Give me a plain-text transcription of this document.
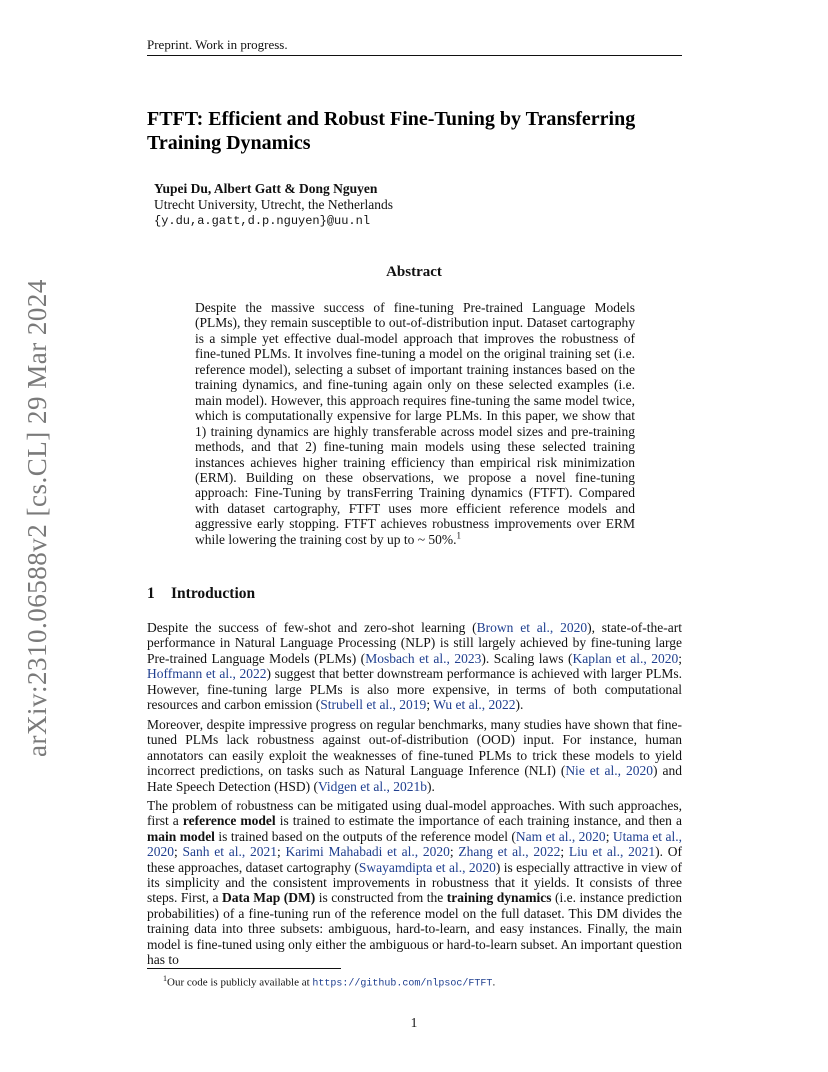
Preprint. Work in progress.
FTFT: Efficient and Robust Fine-Tuning by Transferring Training Dynamics
Yupei Du, Albert Gatt & Dong Nguyen
Utrecht University, Utrecht, the Netherlands
{y.du,a.gatt,d.p.nguyen}@uu.nl
Abstract
Despite the massive success of fine-tuning Pre-trained Language Models (PLMs), they remain susceptible to out-of-distribution input. Dataset cartography is a simple yet effective dual-model approach that improves the robustness of fine-tuned PLMs. It involves fine-tuning a model on the original training set (i.e. reference model), selecting a subset of important training instances based on the training dynamics, and fine-tuning again only on these selected examples (i.e. main model). However, this approach requires fine-tuning the same model twice, which is computationally expensive for large PLMs. In this paper, we show that 1) training dynamics are highly transferable across model sizes and pre-training methods, and that 2) fine-tuning main models using these selected training instances achieves higher training efficiency than empirical risk minimization (ERM). Building on these observations, we propose a novel fine-tuning approach: Fine-Tuning by transFerring Training dynamics (FTFT). Compared with dataset cartography, FTFT uses more efficient reference models and aggressive early stopping. FTFT achieves robustness improvements over ERM while lowering the training cost by up to ~ 50%.$^1$
arXiv:2310.06588v2 [cs.CL] 29 Mar 2024	1 Introduction
Despite the success of few-shot and zero-shot learning (Brown et al., 2020), state-of-the-art performance in Natural Language Processing (NLP) is still largely achieved by fine-tuning large Pre-trained Language Models (PLMs) (Mosbach et al., 2023). Scaling laws (Kaplan et al., 2020; Hoffmann et al., 2022) suggest that better downstream performance is achieved with larger PLMs. However, fine-tuning large PLMs is also more expensive, in terms of both computational resources and carbon emission (Strubell et al., 2019; Wu et al., 2022).
Moreover, despite impressive progress on regular benchmarks, many studies have shown that fine-tuned PLMs lack robustness against out-of-distribution (OOD) input. For instance, human annotators can easily exploit the weaknesses of fine-tuned PLMs to trick these models to yield incorrect predictions, on tasks such as Natural Language Inference (NLI) (Nie et al., 2020) and Hate Speech Detection (HSD) (Vidgen et al., 2021b).
The problem of robustness can be mitigated using dual-model approaches. With such approaches, first a reference model is trained to estimate the importance of each training instance, and then a main model is trained based on the outputs of the reference model (Nam et al., 2020; Utama et al., 2020; Sanh et al., 2021; Karimi Mahabadi et al., 2020; Zhang et al., 2022; Liu et al., 2021). Of these approaches, dataset cartography (Swayamdipta et al., 2020) is especially attractive in view of its simplicity and the consistent improvements in robustness that it yields. It consists of three steps. First, a Data Map (DM) is constructed from the training dynamics (i.e. instance prediction probabilities) of a fine-tuning run of the reference model on the full dataset. This DM divides the training data into three subsets: ambiguous, hard-to-learn, and easy instances. Finally, the main model is fine-tuned using only either the ambiguous or hard-to-learn subset. An important question has to
$^1$Our code is publicly available at https://github.com/nlpsoc/FTFT.
1
